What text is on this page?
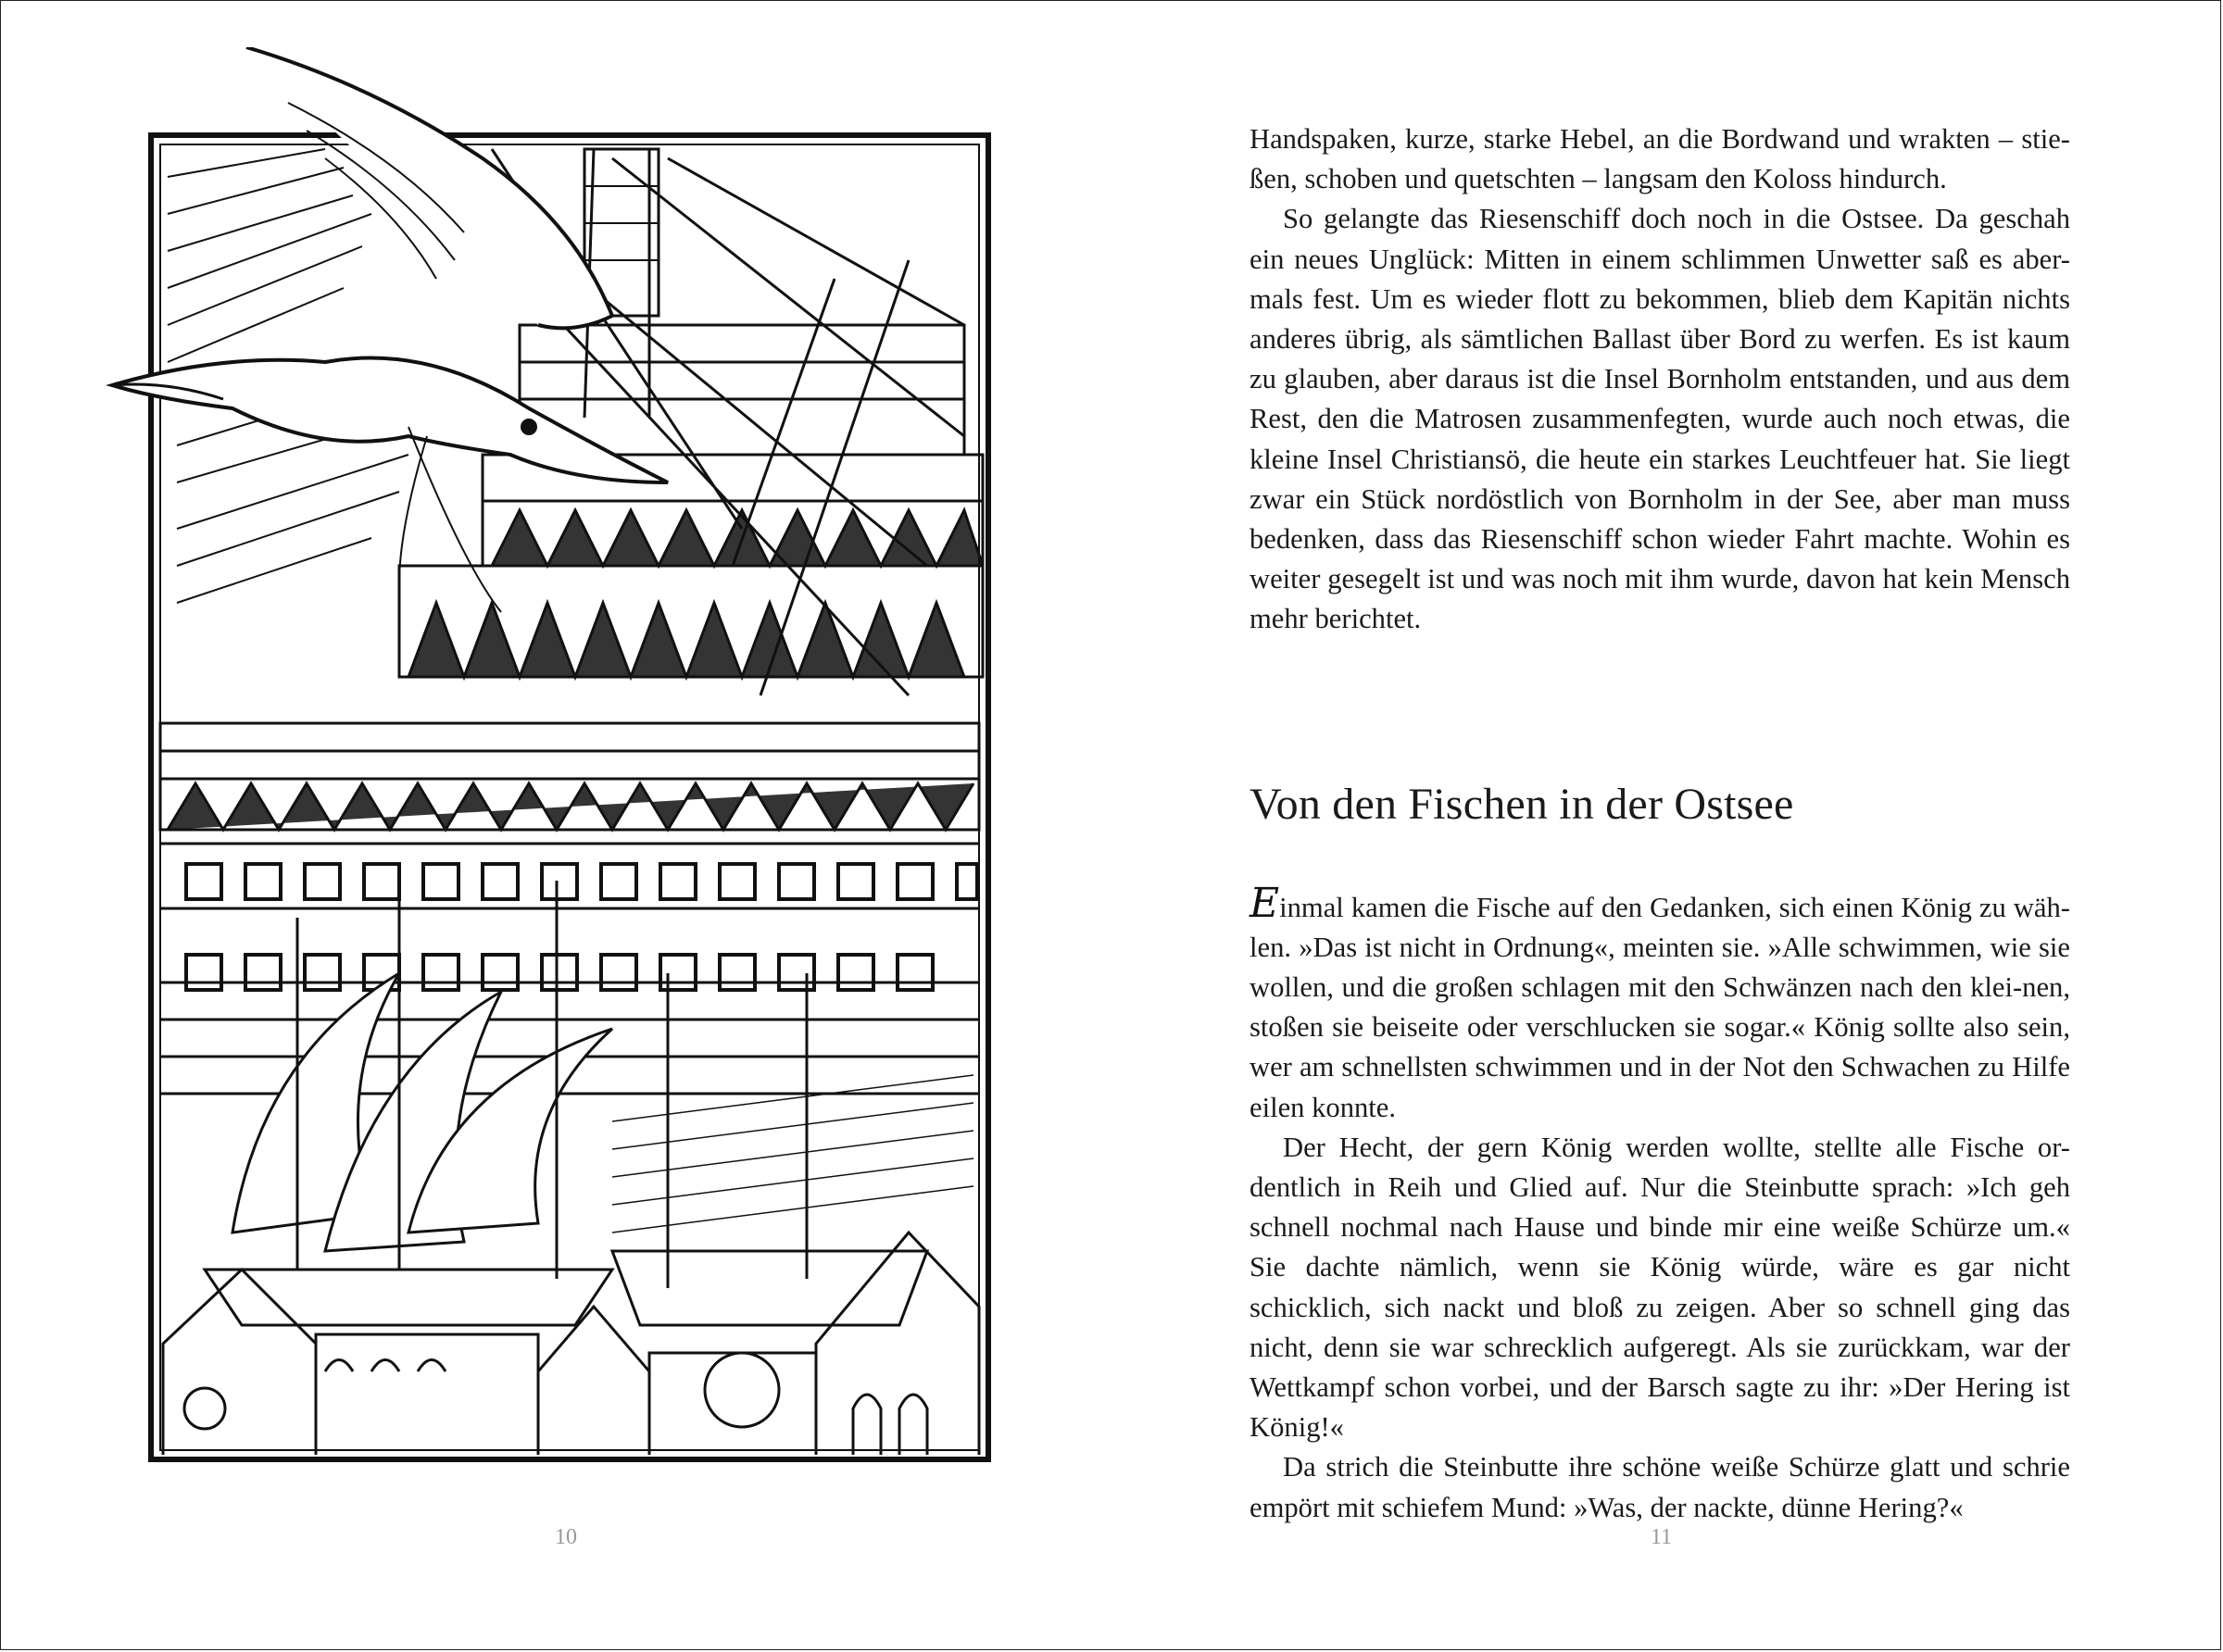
10

Handspaken, kurze, starke Hebel, an die Bordwand und wrakten – stie-ßen, schoben und quetschten – langsam den Koloss hindurch.

So gelangte das Riesenschiff doch noch in die Ostsee. Da geschah ein neues Unglück: Mitten in einem schlimmen Unwetter saß es aber-mals fest. Um es wieder flott zu bekommen, blieb dem Kapitän nichts anderes übrig, als sämtlichen Ballast über Bord zu werfen. Es ist kaum zu glauben, aber daraus ist die Insel Bornholm entstanden, und aus dem Rest, den die Matrosen zusammenfegten, wurde auch noch etwas, die kleine Insel Christiansö, die heute ein starkes Leuchtfeuer hat. Sie liegt zwar ein Stück nordöstlich von Bornholm in der See, aber man muss bedenken, dass das Riesenschiff schon wieder Fahrt machte. Wohin es weiter gesegelt ist und was noch mit ihm wurde, davon hat kein Mensch mehr berichtet.

Von den Fischen in der Ostsee

Einmal kamen die Fische auf den Gedanken, sich einen König zu wäh-len. »Das ist nicht in Ordnung«, meinten sie. »Alle schwimmen, wie sie wollen, und die großen schlagen mit den Schwänzen nach den klei-nen, stoßen sie beiseite oder verschlucken sie sogar.« König sollte also sein, wer am schnellsten schwimmen und in der Not den Schwachen zu Hilfe eilen konnte.

Der Hecht, der gern König werden wollte, stellte alle Fische or-dentlich in Reih und Glied auf. Nur die Steinbutte sprach: »Ich geh schnell nochmal nach Hause und binde mir eine weiße Schürze um.« Sie dachte nämlich, wenn sie König würde, wäre es gar nicht schicklich, sich nackt und bloß zu zeigen. Aber so schnell ging das nicht, denn sie war schrecklich aufgeregt. Als sie zurückkam, war der Wettkampf schon vorbei, und der Barsch sagte zu ihr: »Der Hering ist König!«

Da strich die Steinbutte ihre schöne weiße Schürze glatt und schrie empört mit schiefem Mund: »Was, der nackte, dünne Hering?«

11
